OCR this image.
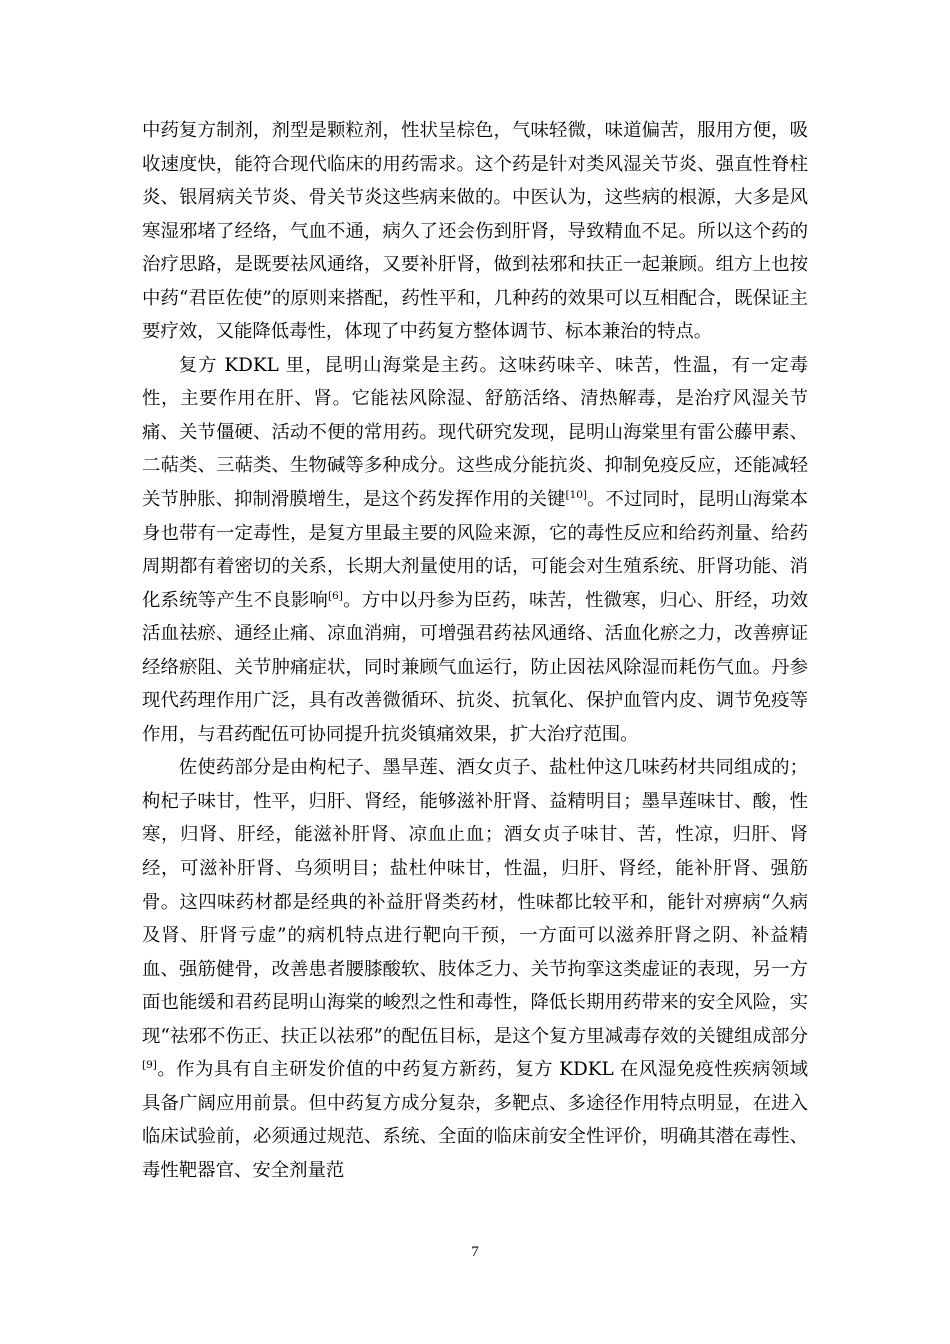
中药复方制剂，剂型是颗粒剂，性状呈棕色，气味轻微，味道偏苦，服用方便，吸收速度快，能符合现代临床的用药需求。这个药是针对类风湿关节炎、强直性脊柱炎、银屑病关节炎、骨关节炎这些病来做的。中医认为，这些病的根源，大多是风寒湿邪堵了经络，气血不通，病久了还会伤到肝肾，导致精血不足。所以这个药的治疗思路，是既要祛风通络，又要补肝肾，做到祛邪和扶正一起兼顾。组方上也按中药“君臣佐使”的原则来搭配，药性平和，几种药的效果可以互相配合，既保证主要疗效，又能降低毒性，体现了中药复方整体调节、标本兼治的特点。

复方 KDKL 里，昆明山海棠是主药。这味药味辛、味苦，性温，有一定毒性，主要作用在肝、肾。它能祛风除湿、舒筋活络、清热解毒，是治疗风湿关节痛、关节僵硬、活动不便的常用药。现代研究发现，昆明山海棠里有雷公藤甲素、二萜类、三萜类、生物碱等多种成分。这些成分能抗炎、抑制免疫反应，还能减轻关节肿胀、抑制滑膜增生，是这个药发挥作用的关键[10]。不过同时，昆明山海棠本身也带有一定毒性，是复方里最主要的风险来源，它的毒性反应和给药剂量、给药周期都有着密切的关系，长期大剂量使用的话，可能会对生殖系统、肝肾功能、消化系统等产生不良影响[6]。方中以丹参为臣药，味苦，性微寒，归心、肝经，功效活血祛瘀、通经止痛、凉血消痈，可增强君药祛风通络、活血化瘀之力，改善痹证经络瘀阻、关节肿痛症状，同时兼顾气血运行，防止因祛风除湿而耗伤气血。丹参现代药理作用广泛，具有改善微循环、抗炎、抗氧化、保护血管内皮、调节免疫等作用，与君药配伍可协同提升抗炎镇痛效果，扩大治疗范围。

佐使药部分是由枸杞子、墨旱莲、酒女贞子、盐杜仲这几味药材共同组成的；枸杞子味甘，性平，归肝、肾经，能够滋补肝肾、益精明目；墨旱莲味甘、酸，性寒，归肾、肝经，能滋补肝肾、凉血止血；酒女贞子味甘、苦，性凉，归肝、肾经，可滋补肝肾、乌须明目；盐杜仲味甘，性温，归肝、肾经，能补肝肾、强筋骨。这四味药材都是经典的补益肝肾类药材，性味都比较平和，能针对痹病“久病及肾、肝肾亏虚”的病机特点进行靶向干预，一方面可以滋养肝肾之阴、补益精血、强筋健骨，改善患者腰膝酸软、肢体乏力、关节拘挛这类虚证的表现，另一方面也能缓和君药昆明山海棠的峻烈之性和毒性，降低长期用药带来的安全风险，实现“祛邪不伤正、扶正以祛邪”的配伍目标，是这个复方里减毒存效的关键组成部分[9]。作为具有自主研发价值的中药复方新药，复方 KDKL 在风湿免疫性疾病领域具备广阔应用前景。但中药复方成分复杂，多靶点、多途径作用特点明显，在进入临床试验前，必须通过规范、系统、全面的临床前安全性评价，明确其潜在毒性、毒性靶器官、安全剂量范

7
